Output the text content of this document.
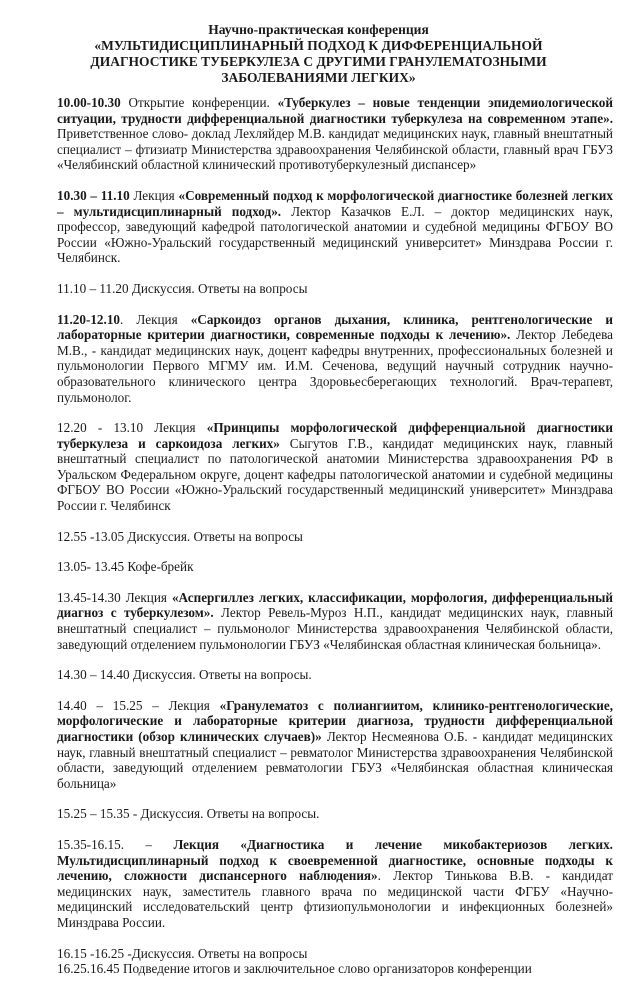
Научно-практическая конференция
«МУЛЬТИДИСЦИПЛИНАРНЫЙ ПОДХОД К ДИФФЕРЕНЦИАЛЬНОЙ ДИАГНОСТИКЕ ТУБЕРКУЛЕЗА С ДРУГИМИ ГРАНУЛЕМАТОЗНЫМИ ЗАБОЛЕВАНИЯМИ ЛЕГКИХ»

10.00-10.30 Открытие конференции. «Туберкулез – новые тенденции эпидемиологической ситуации, трудности дифференциальной диагностики туберкулеза на современном этапе». Приветственное слово- доклад Лехляйдер М.В. кандидат медицинских наук, главный внештатный специалист – фтизиатр Министерства здравоохранения Челябинской области, главный врач ГБУЗ «Челябинский областной клинический противотуберкулезный диспансер»

10.30 – 11.10 Лекция «Современный подход к морфологической диагностике болезней легких – мультидисциплинарный подход». Лектор Казачков Е.Л. – доктор медицинских наук, профессор, заведующий кафедрой патологической анатомии и судебной медицины ФГБОУ ВО России «Южно-Уральский государственный медицинский университет» Минздрава России г. Челябинск.

11.10 – 11.20 Дискуссия. Ответы на вопросы

11.20-12.10. Лекция «Саркоидоз органов дыхания, клиника, рентгенологические и лабораторные критерии диагностики, современные подходы к лечению». Лектор Лебедева М.В., - кандидат медицинских наук, доцент кафедры внутренних, профессиональных болезней и пульмонологии Первого МГМУ им. И.М. Сеченова, ведущий научный сотрудник научно-образовательного клинического центра Здоровьесберегающих технологий. Врач-терапевт, пульмонолог.

12.20 - 13.10 Лекция «Принципы морфологической дифференциальной диагностики туберкулеза и саркоидоза легких» Сыгутов Г.В., кандидат медицинских наук, главный внештатный специалист по патологической анатомии Министерства здравоохранения РФ в Уральском Федеральном округе, доцент кафедры патологической анатомии и судебной медицины ФГБОУ ВО России «Южно-Уральский государственный медицинский университет» Минздрава России г. Челябинск

12.55 -13.05 Дискуссия. Ответы на вопросы

13.05- 13.45 Кофе-брейк

13.45-14.30 Лекция «Аспергиллез легких, классификации, морфология, дифференциальный диагноз с туберкулезом». Лектор Ревель-Муроз Н.П., кандидат медицинских наук, главный внештатный специалист – пульмонолог Министерства здравоохранения Челябинской области, заведующий отделением пульмонологии ГБУЗ «Челябинская областная клиническая больница».

14.30 – 14.40 Дискуссия. Ответы на вопросы.

14.40 – 15.25 – Лекция «Гранулематоз с полиангиитом, клинико-рентгенологические, морфологические и лабораторные критерии диагноза, трудности дифференциальной диагностики (обзор клинических случаев)» Лектор Несмеянова О.Б. - кандидат медицинских наук, главный внештатный специалист – ревматолог Министерства здравоохранения Челябинской области, заведующий отделением ревматологии ГБУЗ «Челябинская областная клиническая больница»

15.25 – 15.35 - Дискуссия. Ответы на вопросы.

15.35-16.15. – Лекция «Диагностика и лечение микобактериозов легких. Мультидисциплинарный подход к своевременной диагностике, основные подходы к лечению, сложности диспансерного наблюдения». Лектор Тинькова В.В. - кандидат медицинских наук, заместитель главного врача по медицинской части ФГБУ «Научно-медицинский исследовательский центр фтизиопульмонологии и инфекционных болезней» Минздрава России.

16.15 -16.25 -Дискуссия. Ответы на вопросы

16.25.16.45 Подведение итогов и заключительное слово организаторов конференции
